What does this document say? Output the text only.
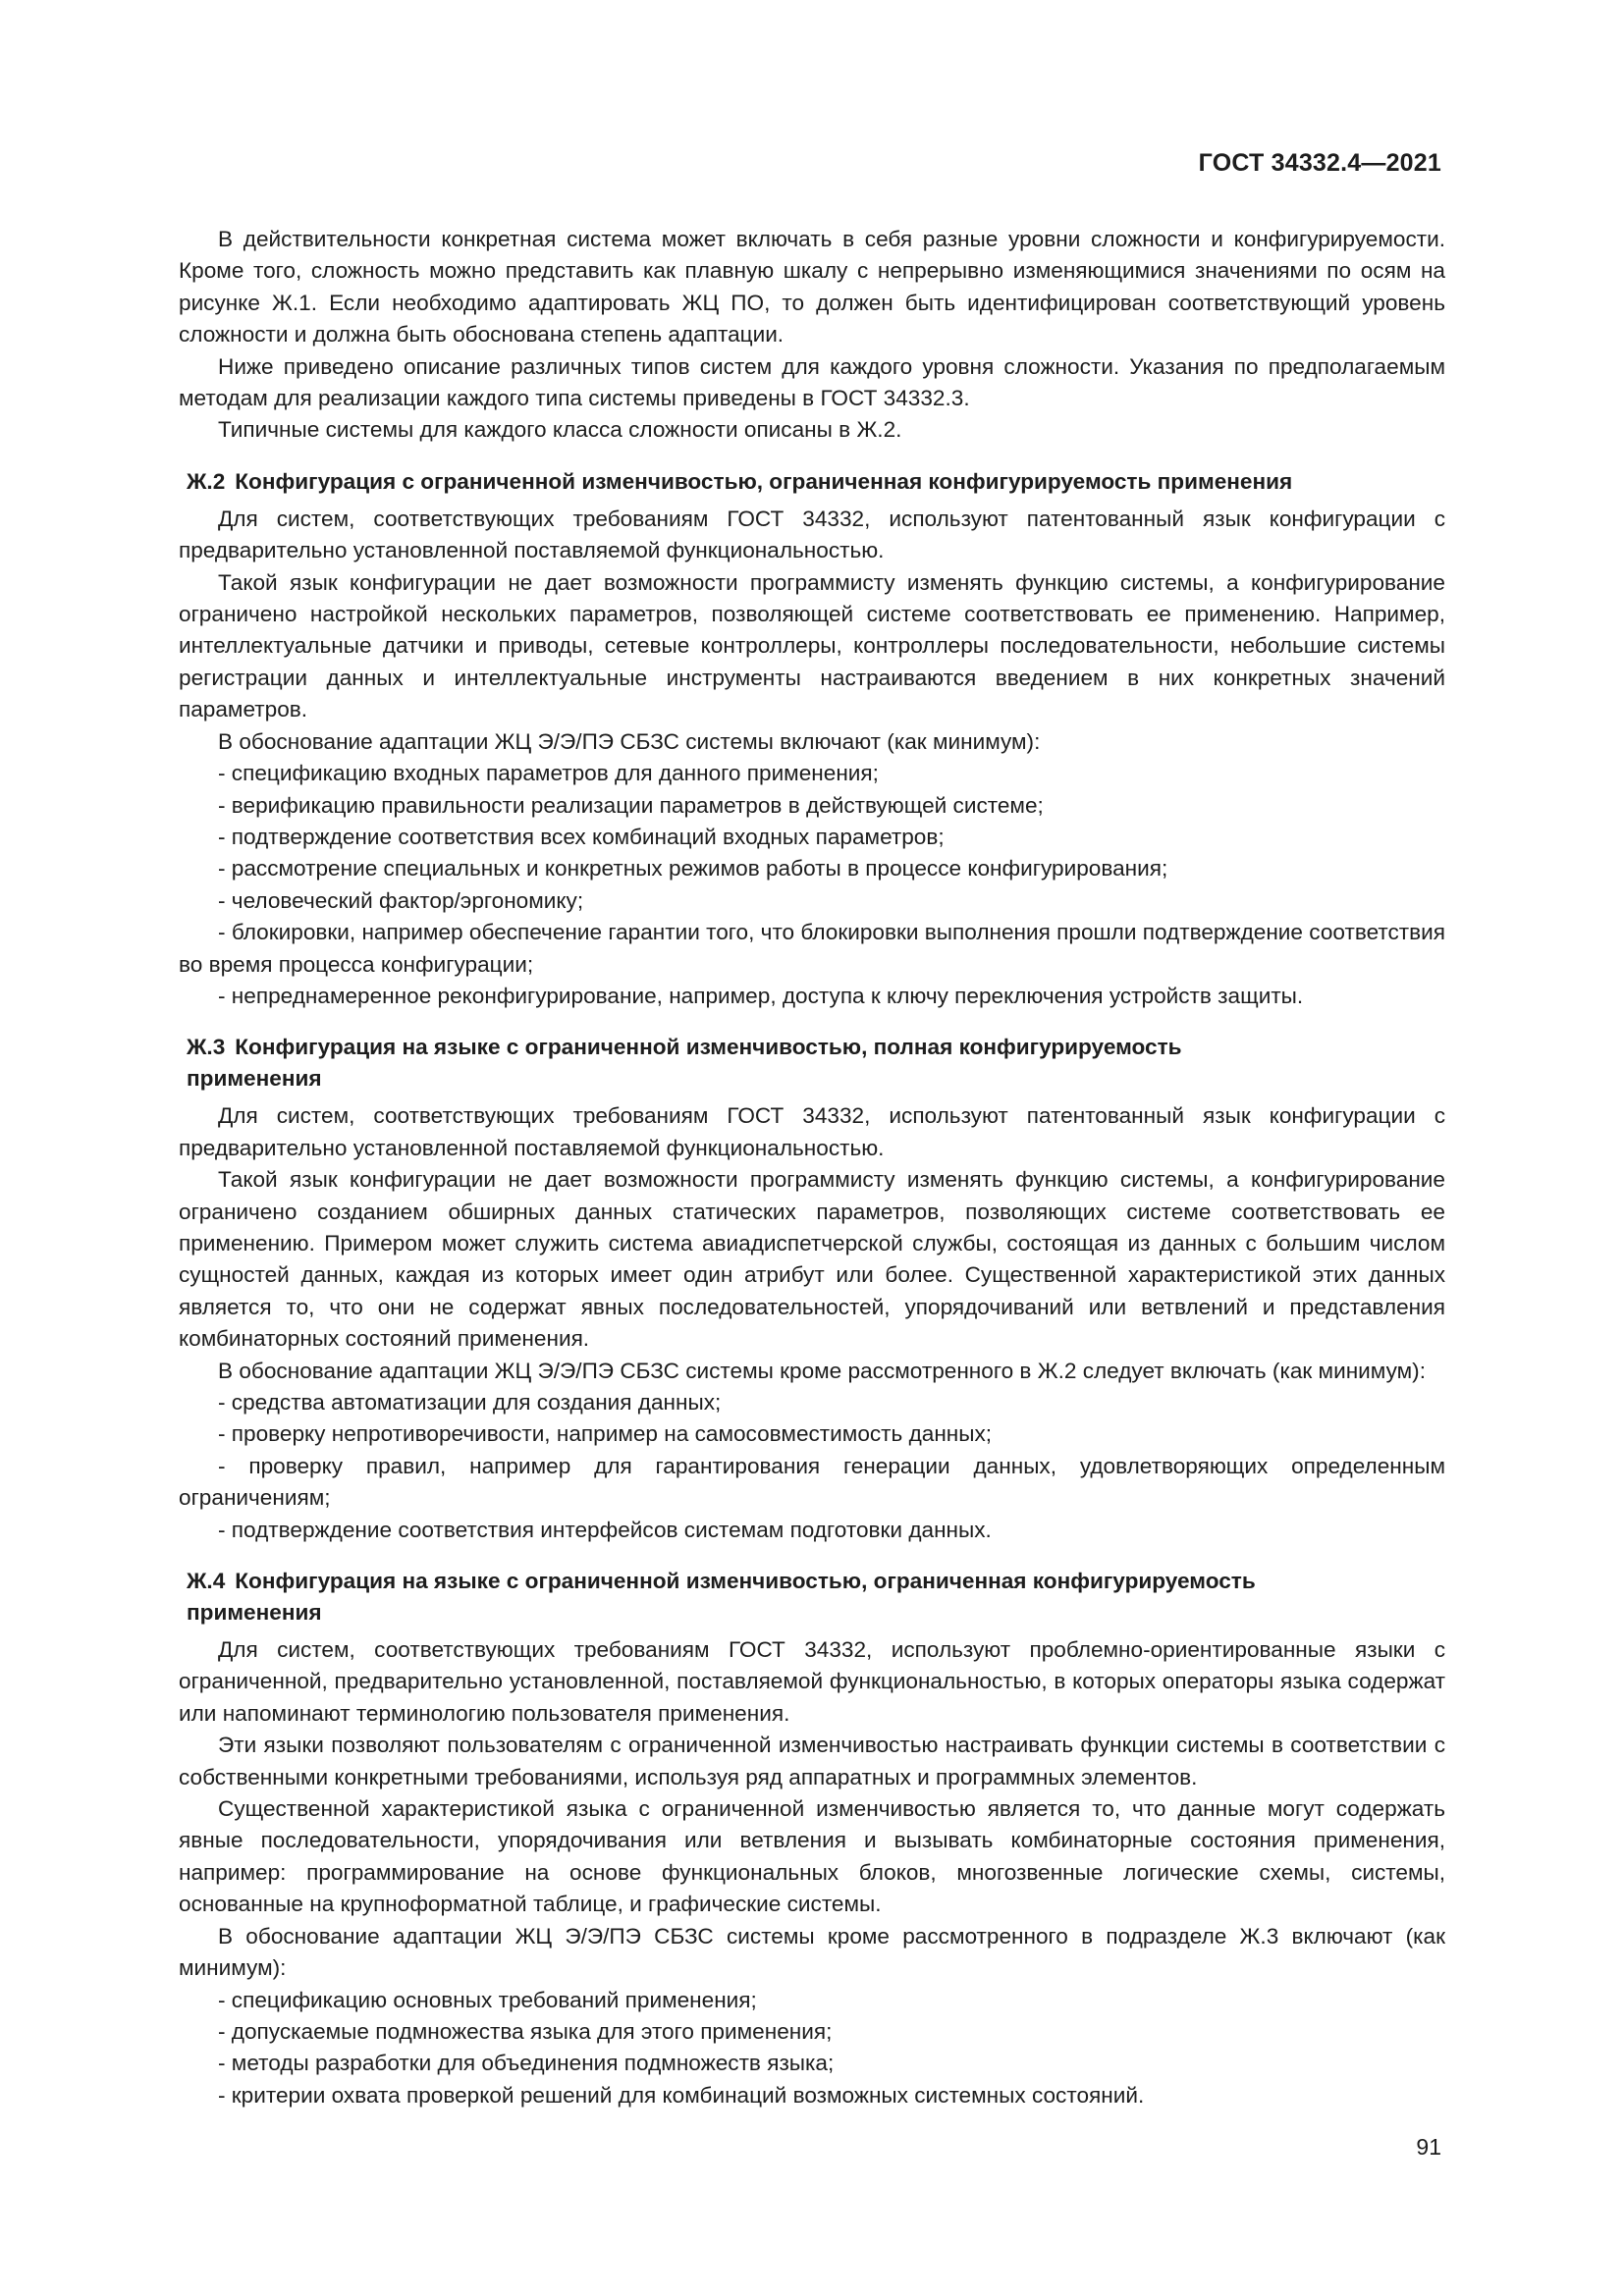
ГОСТ 34332.4—2021

В действительности конкретная система может включать в себя разные уровни сложности и конфигурируемости. Кроме того, сложность можно представить как плавную шкалу с непрерывно изменяющимися значениями по осям на рисунке Ж.1. Если необходимо адаптировать ЖЦ ПО, то должен быть идентифицирован соответствующий уровень сложности и должна быть обоснована степень адаптации.

Ниже приведено описание различных типов систем для каждого уровня сложности. Указания по предполагаемым методам для реализации каждого типа системы приведены в ГОСТ 34332.3.

Типичные системы для каждого класса сложности описаны в Ж.2.

Ж.2 Конфигурация с ограниченной изменчивостью, ограниченная конфигурируемость применения

Для систем, соответствующих требованиям ГОСТ 34332, используют патентованный язык конфигурации с предварительно установленной поставляемой функциональностью.

Такой язык конфигурации не дает возможности программисту изменять функцию системы, а конфигурирование ограничено настройкой нескольких параметров, позволяющей системе соответствовать ее применению. Например, интеллектуальные датчики и приводы, сетевые контроллеры, контроллеры последовательности, небольшие системы регистрации данных и интеллектуальные инструменты настраиваются введением в них конкретных значений параметров.

В обоснование адаптации ЖЦ Э/Э/ПЭ СБЗС системы включают (как минимум):

- спецификацию входных параметров для данного применения;

- верификацию правильности реализации параметров в действующей системе;

- подтверждение соответствия всех комбинаций входных параметров;

- рассмотрение специальных и конкретных режимов работы в процессе конфигурирования;

- человеческий фактор/эргономику;

- блокировки, например обеспечение гарантии того, что блокировки выполнения прошли подтверждение соответствия во время процесса конфигурации;

- непреднамеренное реконфигурирование, например, доступа к ключу переключения устройств защиты.

Ж.3 Конфигурация на языке с ограниченной изменчивостью, полная конфигурируемость
применения

Для систем, соответствующих требованиям ГОСТ 34332, используют патентованный язык конфигурации с предварительно установленной поставляемой функциональностью.

Такой язык конфигурации не дает возможности программисту изменять функцию системы, а конфигурирование ограничено созданием обширных данных статических параметров, позволяющих системе соответствовать ее применению. Примером может служить система авиадиспетчерской службы, состоящая из данных с большим числом сущностей данных, каждая из которых имеет один атрибут или более. Существенной характеристикой этих данных является то, что они не содержат явных последовательностей, упорядочиваний или ветвлений и представления комбинаторных состояний применения.

В обоснование адаптации ЖЦ Э/Э/ПЭ СБЗС системы кроме рассмотренного в Ж.2 следует включать (как минимум):

- средства автоматизации для создания данных;

- проверку непротиворечивости, например на самосовместимость данных;

- проверку правил, например для гарантирования генерации данных, удовлетворяющих определенным ограничениям;

- подтверждение соответствия интерфейсов системам подготовки данных.

Ж.4 Конфигурация на языке с ограниченной изменчивостью, ограниченная конфигурируемость
применения

Для систем, соответствующих требованиям ГОСТ 34332, используют проблемно-ориентированные языки с ограниченной, предварительно установленной, поставляемой функциональностью, в которых операторы языка содержат или напоминают терминологию пользователя применения.

Эти языки позволяют пользователям с ограниченной изменчивостью настраивать функции системы в соответствии с собственными конкретными требованиями, используя ряд аппаратных и программных элементов.

Существенной характеристикой языка с ограниченной изменчивостью является то, что данные могут содержать явные последовательности, упорядочивания или ветвления и вызывать комбинаторные состояния применения, например: программирование на основе функциональных блоков, многозвенные логические схемы, системы, основанные на крупноформатной таблице, и графические системы.

В обоснование адаптации ЖЦ Э/Э/ПЭ СБЗС системы кроме рассмотренного в подразделе Ж.3 включают (как минимум):

- спецификацию основных требований применения;

- допускаемые подмножества языка для этого применения;

- методы разработки для объединения подмножеств языка;

- критерии охвата проверкой решений для комбинаций возможных системных состояний.

91
